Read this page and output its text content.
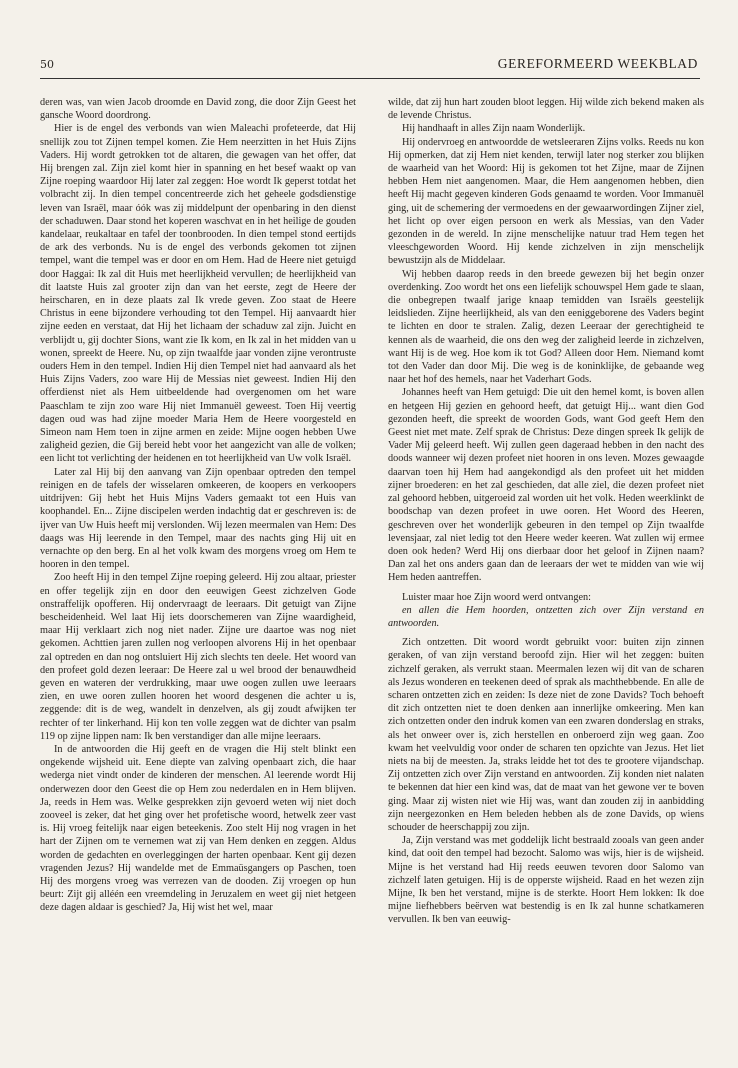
50	GEREFORMEERD WEEKBLAD

deren was, van wien Jacob droomde en David zong, die door Zijn Geest het gansche Woord doordrong.

Hier is de engel des verbonds van wien Maleachi profeteerde, dat Hij snellijk zou tot Zijnen tempel komen. Zie Hem neerzitten in het Huis Zijns Vaders. Hij wordt getrokken tot de altaren, die gewagen van het offer, dat Hij brengen zal. Zijn ziel komt hier in spanning en het besef waakt op van Zijne roeping waardoor Hij later zal zeggen: Hoe wordt Ik geperst totdat het volbracht zij. In dien tempel concentreerde zich het geheele godsdienstige leven van Israël, maar óók was zij middelpunt der openbaring in den dienst der schaduwen. Daar stond het koperen waschvat en in het heilige de gouden kandelaar, reukaltaar en tafel der toonbrooden. In dien tempel stond eertijds de ark des verbonds. Nu is de engel des verbonds gekomen tot zijnen tempel, want die tempel was er door en om Hem. Had de Heere niet getuigd door Haggai: Ik zal dit Huis met heerlijkheid vervullen; de heerlijkheid van dit laatste Huis zal grooter zijn dan van het eerste, zegt de Heere der heirscharen, en in deze plaats zal Ik vrede geven. Zoo staat de Heere Christus in eene bijzondere verhouding tot den Tempel. Hij aanvaardt hier zijne eeden en verstaat, dat Hij het lichaam der schaduw zal zijn. Juicht en verblijdt u, gij dochter Sions, want zie Ik kom, en Ik zal in het midden van u wonen, spreekt de Heere. Nu, op zijn twaalfde jaar vonden zijne verontruste ouders Hem in den tempel. Indien Hij dien Tempel niet had aanvaard als het Huis Zijns Vaders, zoo ware Hij de Messias niet geweest. Indien Hij den offerdienst niet als Hem uitbeeldende had overgenomen om het ware Paaschlam te zijn zoo ware Hij niet Immanuël geweest. Toen Hij veertig dagen oud was had zijne moeder Maria Hem de Heere voorgesteld en Simeon nam Hem toen in zijne armen en zeide: Mijne oogen hebben Uwe zaligheid gezien, die Gij bereid hebt voor het aangezicht van alle de volken; een licht tot verlichting der heidenen en tot heerlijkheid van Uw volk Israël.

Later zal Hij bij den aanvang van Zijn openbaar optreden den tempel reinigen en de tafels der wisselaren omkeeren, de koopers en verkoopers uitdrijven: Gij hebt het Huis Mijns Vaders gemaakt tot een Huis van koophandel. En... Zijne discipelen werden indachtig dat er geschreven is: de ijver van Uw Huis heeft mij verslonden. Wij lezen meermalen van Hem: Des daags was Hij leerende in den Tempel, maar des nachts ging Hij uit en vernachte op den berg. En al het volk kwam des morgens vroeg om Hem te hooren in den tempel.

Zoo heeft Hij in den tempel Zijne roeping geleerd. Hij zou altaar, priester en offer tegelijk zijn en door den eeuwigen Geest zichzelven Gode onstraffelijk opofferen. Hij ondervraagt de leeraars. Dit getuigt van Zijne bescheidenheid. Wel laat Hij iets doorschemeren van Zijne waardigheid, maar Hij verklaart zich nog niet nader. Zijne ure daartoe was nog niet gekomen. Achttien jaren zullen nog verloopen alvorens Hij in het openbaar zal optreden en dan nog ontsluiert Hij zich slechts ten deele. Het woord van den profeet gold dezen leeraar: De Heere zal u wel brood der benauwdheid geven en wateren der verdrukking, maar uwe oogen zullen uwe leeraars zien, en uwe ooren zullen hooren het woord desgenen die achter u is, zeggende: dit is de weg, wandelt in denzelven, als gij zoudt afwijken ter rechter of ter linkerhand. Hij kon ten volle zeggen wat de dichter van psalm 119 op zijne lippen nam: Ik ben verstandiger dan alle mijne leeraars.

In de antwoorden die Hij geeft en de vragen die Hij stelt blinkt een ongekende wijsheid uit. Eene diepte van zalving openbaart zich, die haar wederga niet vindt onder de kinderen der menschen. Al leerende wordt Hij onderwezen door den Geest die op Hem zou nederdalen en in Hem blijven. Ja, reeds in Hem was. Welke gesprekken zijn gevoerd weten wij niet doch zooveel is zeker, dat het ging over het profetische woord, hetwelk zeer vast is. Hij vroeg feitelijk naar eigen beteekenis. Zoo stelt Hij nog vragen in het hart der Zijnen om te vernemen wat zij van Hem denken en zeggen. Aldus worden de gedachten en overleggingen der harten openbaar. Kent gij dezen vragenden Jezus? Hij wandelde met de Emmaüsgangers op Paschen, toen Hij des morgens vroeg was verrezen van de dooden. Zij vroegen op hun beurt: Zijt gij alléén een vreemdeling in Jeruzalem en weet gij niet hetgeen deze dagen aldaar is geschied? Ja, Hij wist het wel, maar

wilde, dat zij hun hart zouden bloot leggen. Hij wilde zich bekend maken als de levende Christus.

Hij handhaaft in alles Zijn naam Wonderlijk.

Hij ondervroeg en antwoordde de wetsleeraren Zijns volks. Reeds nu kon Hij opmerken, dat zij Hem niet kenden, terwijl later nog sterker zou blijken de waarheid van het Woord: Hij is gekomen tot het Zijne, maar de Zijnen hebben Hem niet aangenomen. Maar, die Hem aangenomen hebben, dien heeft Hij macht gegeven kinderen Gods genaamd te worden. Voor Immanuël ging, uit de schemering der vermoedens en der gewaarwordingen Zijner ziel, het licht op over eigen persoon en werk als Messias, van den Vader gezonden in de wereld. In zijne menschelijke natuur trad Hem tegen het vleeschgeworden Woord. Hij kende zichzelven in zijn menschelijk bewustzijn als de Middelaar.

Wij hebben daarop reeds in den breede gewezen bij het begin onzer overdenking. Zoo wordt het ons een liefelijk schouwspel Hem gade te slaan, die onbegrepen twaalf jarige knaap temidden van Israëls geestelijk leidslieden. Zijne heerlijkheid, als van den eeniggeborene des Vaders begint te lichten en door te stralen. Zalig, dezen Leeraar der gerechtigheid te kennen als de waarheid, die ons den weg der zaligheid leerde in zichzelven, want Hij is de weg. Hoe kom ik tot God? Alleen door Hem. Niemand komt tot den Vader dan door Mij. Die weg is de koninklijke, de gebaande weg naar het hof des hemels, naar het Vaderhart Gods.

Johannes heeft van Hem getuigd: Die uit den hemel komt, is boven allen en hetgeen Hij gezien en gehoord heeft, dat getuigt Hij... want dien God gezonden heeft, die spreekt de woorden Gods, want God geeft Hem den Geest niet met mate. Zelf sprak de Christus: Deze dingen spreek Ik gelijk de Vader Mij geleerd heeft. Wij zullen geen dageraad hebben in den nacht des doods wanneer wij dezen profeet niet hooren in ons leven. Mozes gewaagde daarvan toen hij Hem had aangekondigd als den profeet uit het midden zijner broederen: en het zal geschieden, dat alle ziel, die dezen profeet niet zal gehoord hebben, uitgeroeid zal worden uit het volk. Heden weerklinkt de boodschap van dezen profeet in uwe ooren. Het Woord des Heeren, geschreven over het wonderlijk gebeuren in den tempel op Zijn twaalfde levensjaar, zal niet ledig tot den Heere weder keeren. Wat zullen wij ermee doen ook heden? Werd Hij ons dierbaar door het geloof in Zijnen naam? Dan zal het ons anders gaan dan de leeraars der wet te midden van wie wij Hem heden aantreffen.

Luister maar hoe Zijn woord werd ontvangen:

en allen die Hem hoorden, ontzetten zich over Zijn verstand en antwoorden.

Zich ontzetten. Dit woord wordt gebruikt voor: buiten zijn zinnen geraken, of van zijn verstand beroofd zijn. Hier wil het zeggen: buiten zichzelf geraken, als verrukt staan. Meermalen lezen wij dit van de scharen als Jezus wonderen en teekenen deed of sprak als machthebbende. En alle de scharen ontzetten zich en zeiden: Is deze niet de zone Davids? Toch behoeft dit zich ontzetten niet te doen denken aan innerlijke omkeering. Men kan zich ontzetten onder den indruk komen van een zwaren donderslag en straks, als het onweer over is, zich herstellen en onberoerd zijn weg gaan. Zoo kwam het veelvuldig voor onder de scharen ten opzichte van Jezus. Het liet niets na bij de meesten. Ja, straks leidde het tot des te grootere vijandschap. Zij ontzetten zich over Zijn verstand en antwoorden. Zij konden niet nalaten te bekennen dat hier een kind was, dat de maat van het gewone ver te boven ging. Maar zij wisten niet wie Hij was, want dan zouden zij in aanbidding zijn neergezonken en Hem beleden hebben als de zone Davids, op wiens schouder de heerschappij zou zijn.

Ja, Zijn verstand was met goddelijk licht bestraald zooals van geen ander kind, dat ooit den tempel had bezocht. Salomo was wijs, hier is de wijsheid. Mijne is het verstand had Hij reeds eeuwen tevoren door Salomo van zichzelf laten getuigen. Hij is de opperste wijsheid. Raad en het wezen zijn Mijne, Ik ben het verstand, mijne is de sterkte. Hoort Hem lokken: Ik doe mijne liefhebbers beërven wat bestendig is en Ik zal hunne schatkameren vervullen. Ik ben van eeuwig-
